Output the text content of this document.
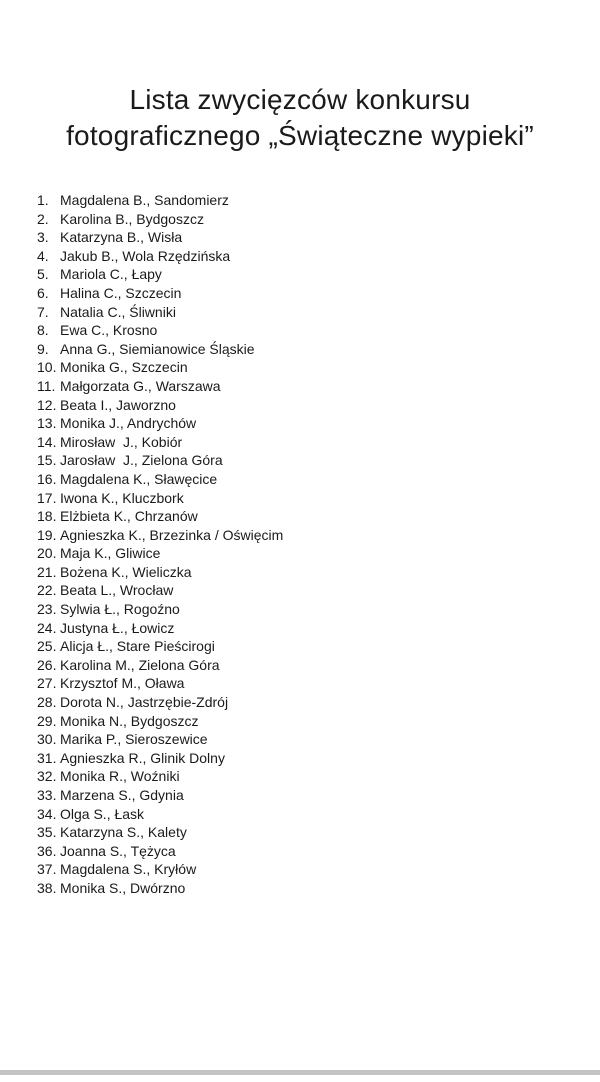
Lista zwycięzców konkursu
fotograficznego „Świąteczne wypieki”
1. Magdalena B., Sandomierz
2. Karolina B., Bydgoszcz
3. Katarzyna B., Wisła
4. Jakub B., Wola Rzędzińska
5. Mariola C., Łapy
6. Halina C., Szczecin
7. Natalia C., Śliwniki
8. Ewa C., Krosno
9. Anna G., Siemianowice Śląskie
10. Monika G., Szczecin
11. Małgorzata G., Warszawa
12. Beata I., Jaworzno
13. Monika J., Andrychów
14. Mirosław  J., Kobiór
15. Jarosław  J., Zielona Góra
16. Magdalena K., Sławęcice
17. Iwona K., Kluczbork
18. Elżbieta K., Chrzanów
19. Agnieszka K., Brzezinka / Oświęcim
20. Maja K., Gliwice
21. Bożena K., Wieliczka
22. Beata L., Wrocław
23. Sylwia Ł., Rogoźno
24. Justyna Ł., Łowicz
25. Alicja Ł., Stare Pieścirogi
26. Karolina M., Zielona Góra
27. Krzysztof M., Oława
28. Dorota N., Jastrzębie-Zdrój
29. Monika N., Bydgoszcz
30. Marika P., Sieroszewice
31. Agnieszka R., Glinik Dolny
32. Monika R., Woźniki
33. Marzena S., Gdynia
34. Olga S., Łask
35. Katarzyna S., Kalety
36. Joanna S., Tężyca
37. Magdalena S., Kryłów
38. Monika S., Dwórzno
